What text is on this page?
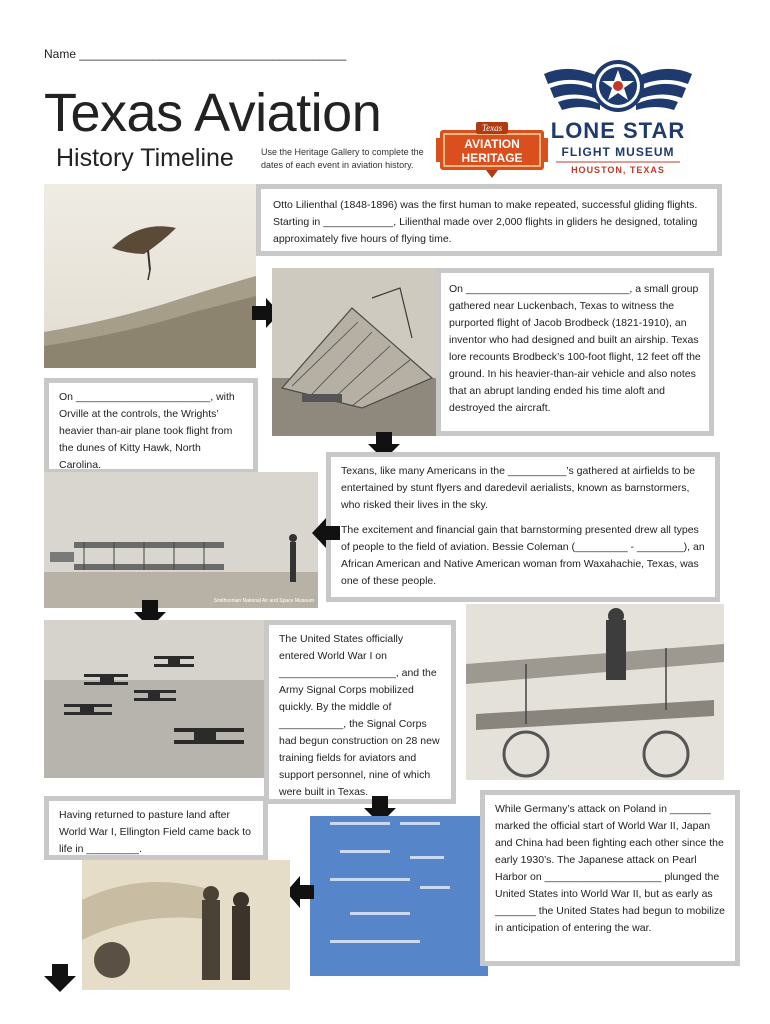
Name ________________________________________
Texas Aviation
History Timeline	Use the Heritage Gallery to complete the dates of each event in aviation history.
Texas
AVIATION
HERITAGE
LONE STAR
FLIGHT MUSEUM
HOUSTON, TEXAS

Otto Lilienthal (1848-1896) was the first human to make repeated, successful gliding flights. Starting in ____________, Lilienthal made over 2,000 flights in gliders he designed, totaling approximately five hours of flying time.

On ____________________________, a small group gathered near Luckenbach, Texas to witness the purported flight of Jacob Brodbeck (1821-1910), an inventor who had designed and built an airship. Texas lore recounts Brodbeck’s 100-foot flight, 12 feet off the ground. In his heavier-than-air vehicle and also notes that an abrupt landing ended his time aloft and destroyed the aircraft.

On _______________________, with Orville at the controls, the Wrights’ heavier than-air plane took flight from the dunes of Kitty Hawk, North Carolina.	Texans, like many Americans in the __________’s gathered at airfields to be entertained by stunt flyers and daredevil aerialists, known as barnstormers, who risked their lives in the sky.

The excitement and financial gain that barnstorming presented drew all types of people to the field of aviation. Bessie Coleman (_________ - ________), an African American and Native American woman from Waxahachie, Texas, was one of these people.

Smithsonian National Air and Space Museum

The United States officially entered World War I on ____________________, and the Army Signal Corps mobilized quickly. By the middle of ___________, the Signal Corps had begun construction on 28 new training fields for aviators and support personnel, nine of which were built in Texas.

Having returned to pasture land after World War I, Ellington Field came back to life in _________.

While Germany’s attack on Poland in _______ marked the official start of World War II, Japan and China had been fighting each other since the early 1930’s. The Japanese attack on Pearl Harbor on ____________________ plunged the United States into World War II, but as early as _______ the United States had begun to mobilize in anticipation of entering the war.
